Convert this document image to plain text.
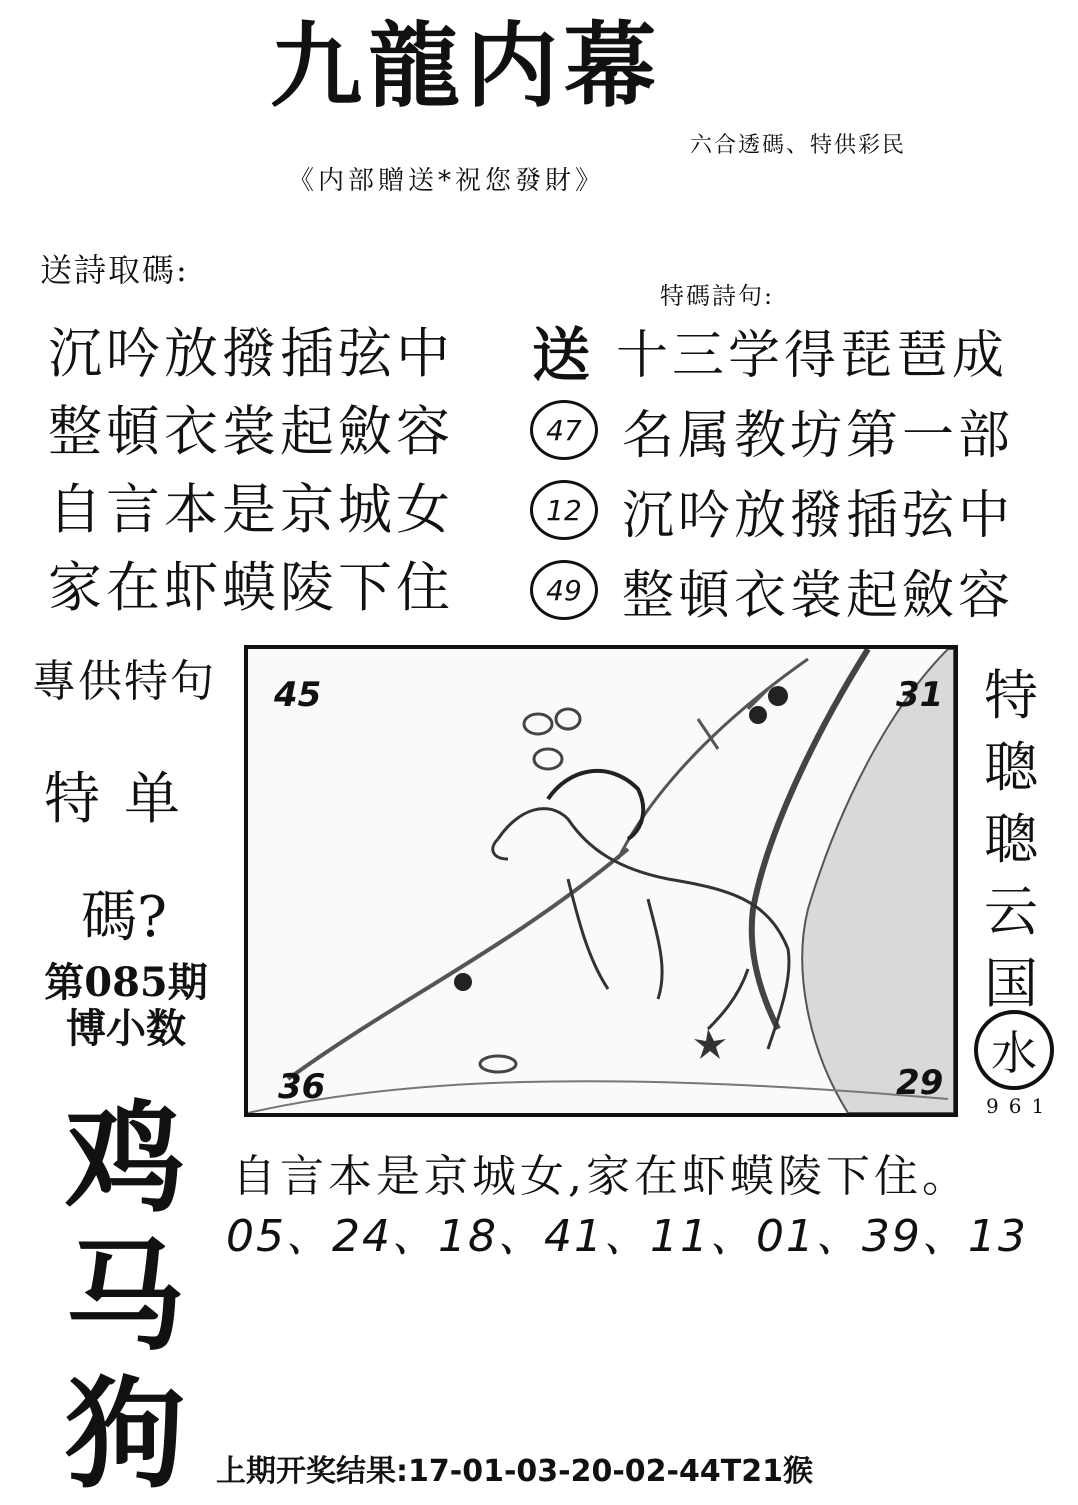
九龍内幕
六合透碼、特供彩民
《内部贈送*祝您發財》
送詩取碼:
沉吟放撥插弦中
整頓衣裳起斂容
自言本是京城女
家在虾蟆陵下住
特碼詩句:
送 十三学得琵琶成
47 名属教坊第一部
12 沉吟放撥插弦中
49 整頓衣裳起斂容
專供特句
特单
碼?
第085期
博小数
鸡
马
狗
45	31
36	29
特
聰
聰
云
国
水
961
自言本是京城女,家在虾蟆陵下住。
05、24、18、41、11、01、39、13
上期开奖结果:17-01-03-20-02-44T21猴
